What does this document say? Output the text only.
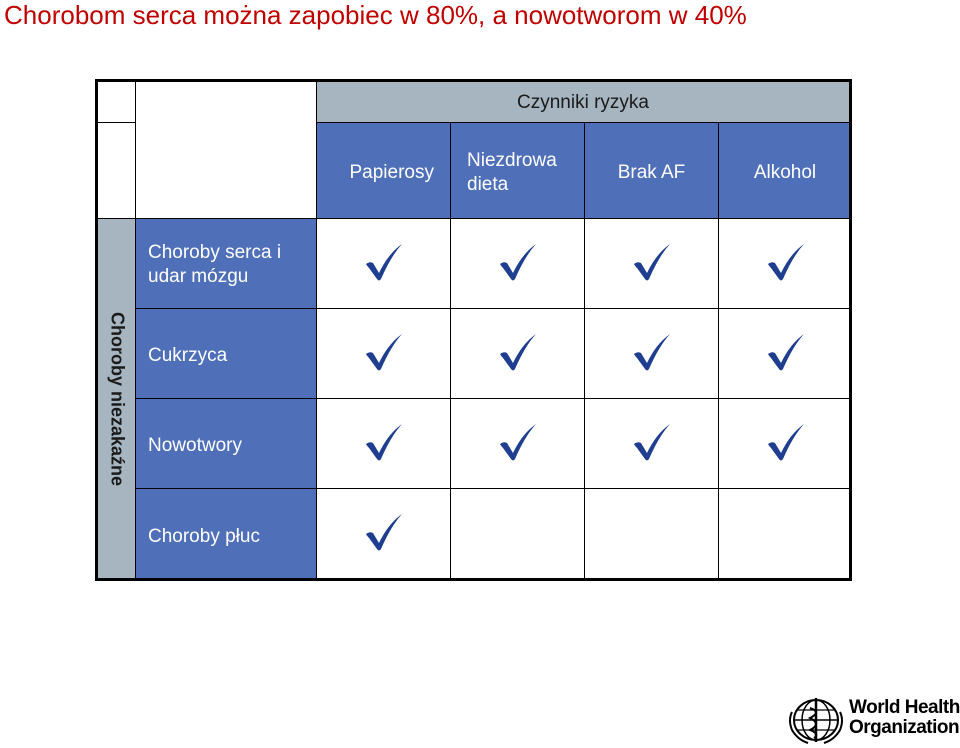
Chorobom serca można zapobiec w 80%, a nowotworom w 40%
Czynniki ryzyka
Papierosy
Niezdrowa
dieta
Brak AF	Alkohol
Choroby niezakaźne
Choroby serca i
udar mózgu
Cukrzyca
Nowotwory
Choroby płuc
World Health
Organization
